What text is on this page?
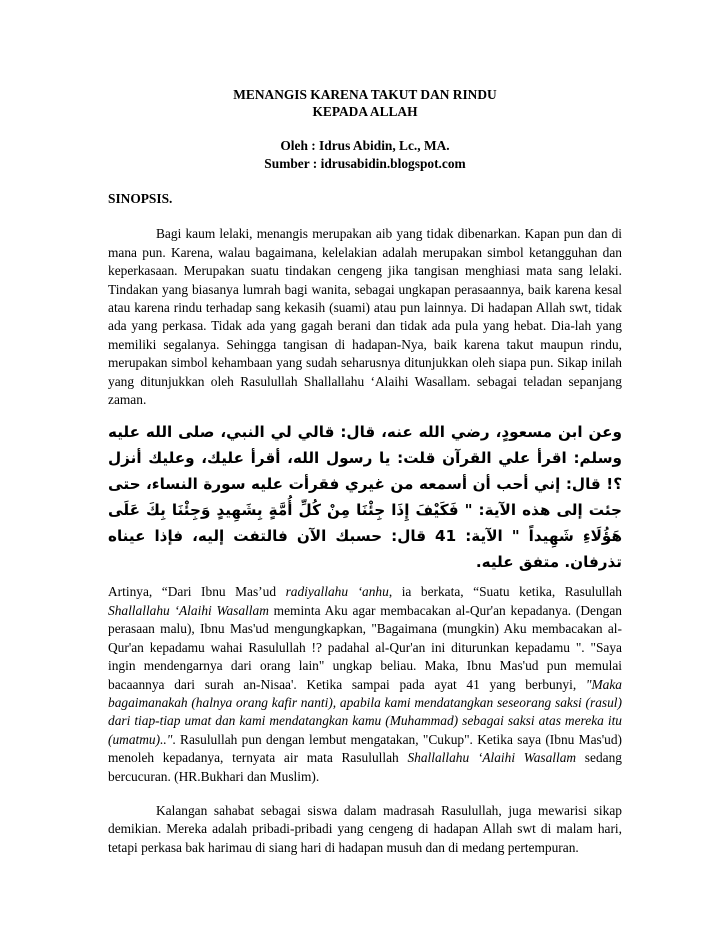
MENANGIS KARENA TAKUT DAN RINDU
KEPADA ALLAH
Oleh : Idrus Abidin, Lc., MA.
Sumber : idrusabidin.blogspot.com
SINOPSIS.

Bagi kaum lelaki, menangis merupakan aib yang tidak dibenarkan. Kapan pun dan di mana pun. Karena, walau bagaimana, kelelakian adalah merupakan simbol ketangguhan dan keperkasaan. Merupakan suatu tindakan cengeng jika tangisan menghiasi mata sang lelaki. Tindakan yang biasanya lumrah bagi wanita, sebagai ungkapan perasaannya, baik karena kesal atau karena rindu terhadap sang kekasih (suami) atau pun lainnya. Di hadapan Allah swt, tidak ada yang perkasa. Tidak ada yang gagah berani dan tidak ada pula yang hebat. Dia-lah yang memiliki segalanya. Sehingga tangisan di hadapan-Nya, baik karena takut maupun rindu, merupakan simbol kehambaan yang sudah seharusnya ditunjukkan oleh siapa pun. Sikap inilah yang ditunjukkan oleh Rasulullah Shallallahu ‘Alaihi Wasallam. sebagai teladan sepanjang zaman.

وعن ابن مسعودٍ، رضي الله عنه، قال: قالي لي النبي، صلى الله عليه وسلم: اقرأ علي القرآن قلت: يا رسول الله، أقرأ عليك، وعليك أنزل ؟! قال: إني أحب أن أسمعه من غيري فقرأت عليه سورة النساء، حتى جئت إلى هذه الآية: " فَكَيْفَ إِذَا جِئْنَا مِنْ كُلِّ أُمَّةٍ بِشَهِيدٍ وَجِئْنَا بِكَ عَلَى هَؤُلَاءِ شَهِيداً " الآية: 41 قال: حسبك الآن فالتفت إليه، فإذا عيناه تذرفان. متفق عليه.

Artinya, “Dari Ibnu Mas’ud radiyallahu ‘anhu, ia berkata, “Suatu ketika, Rasulullah Shallallahu ‘Alaihi Wasallam meminta Aku agar membacakan al-Qur'an kepadanya. (Dengan perasaan malu), Ibnu Mas'ud mengungkapkan, "Bagaimana (mungkin) Aku membacakan al-Qur'an kepadamu wahai Rasulullah !? padahal al-Qur'an ini diturunkan kepadamu ". "Saya ingin mendengarnya dari orang lain" ungkap beliau. Maka, Ibnu Mas'ud pun memulai bacaannya dari surah an-Nisaa'. Ketika sampai pada ayat 41 yang berbunyi, "Maka bagaimanakah (halnya orang kafir nanti), apabila kami mendatangkan seseorang saksi (rasul) dari tiap-tiap umat dan kami mendatangkan kamu (Muhammad) sebagai saksi atas mereka itu (umatmu)..". Rasulullah pun dengan lembut mengatakan, "Cukup". Ketika saya (Ibnu Mas'ud) menoleh kepadanya, ternyata air mata Rasulullah Shallallahu ‘Alaihi Wasallam sedang bercucuran. (HR.Bukhari dan Muslim).

Kalangan sahabat sebagai siswa dalam madrasah Rasulullah, juga mewarisi sikap demikian. Mereka adalah pribadi-pribadi yang cengeng di hadapan Allah swt di malam hari, tetapi perkasa bak harimau di siang hari di hadapan musuh dan di medang pertempuran.
